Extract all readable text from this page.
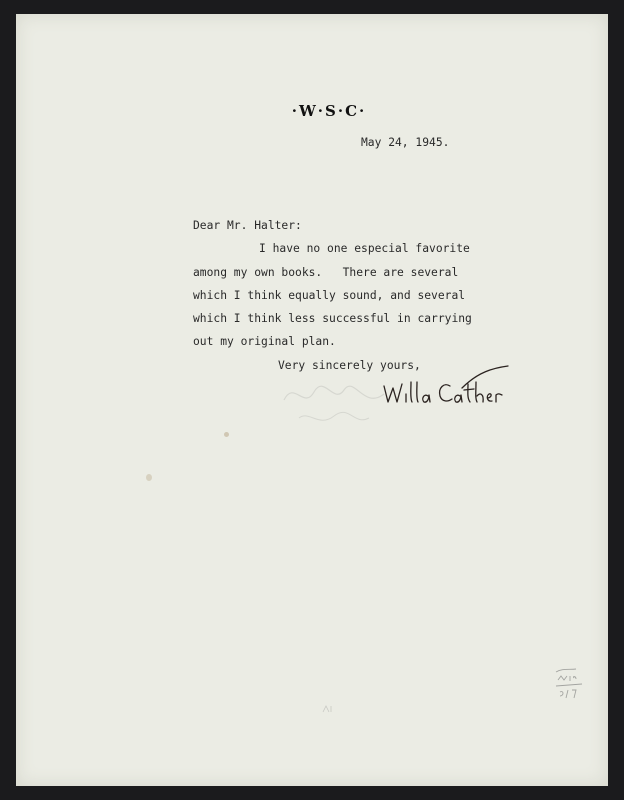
·W·S·C·
May 24, 1945.
Dear Mr. Halter:
I have no one especial favorite
among my own books.   There are several
which I think equally sound, and several
which I think less successful in carrying
out my original plan.
Very sincerely yours,
